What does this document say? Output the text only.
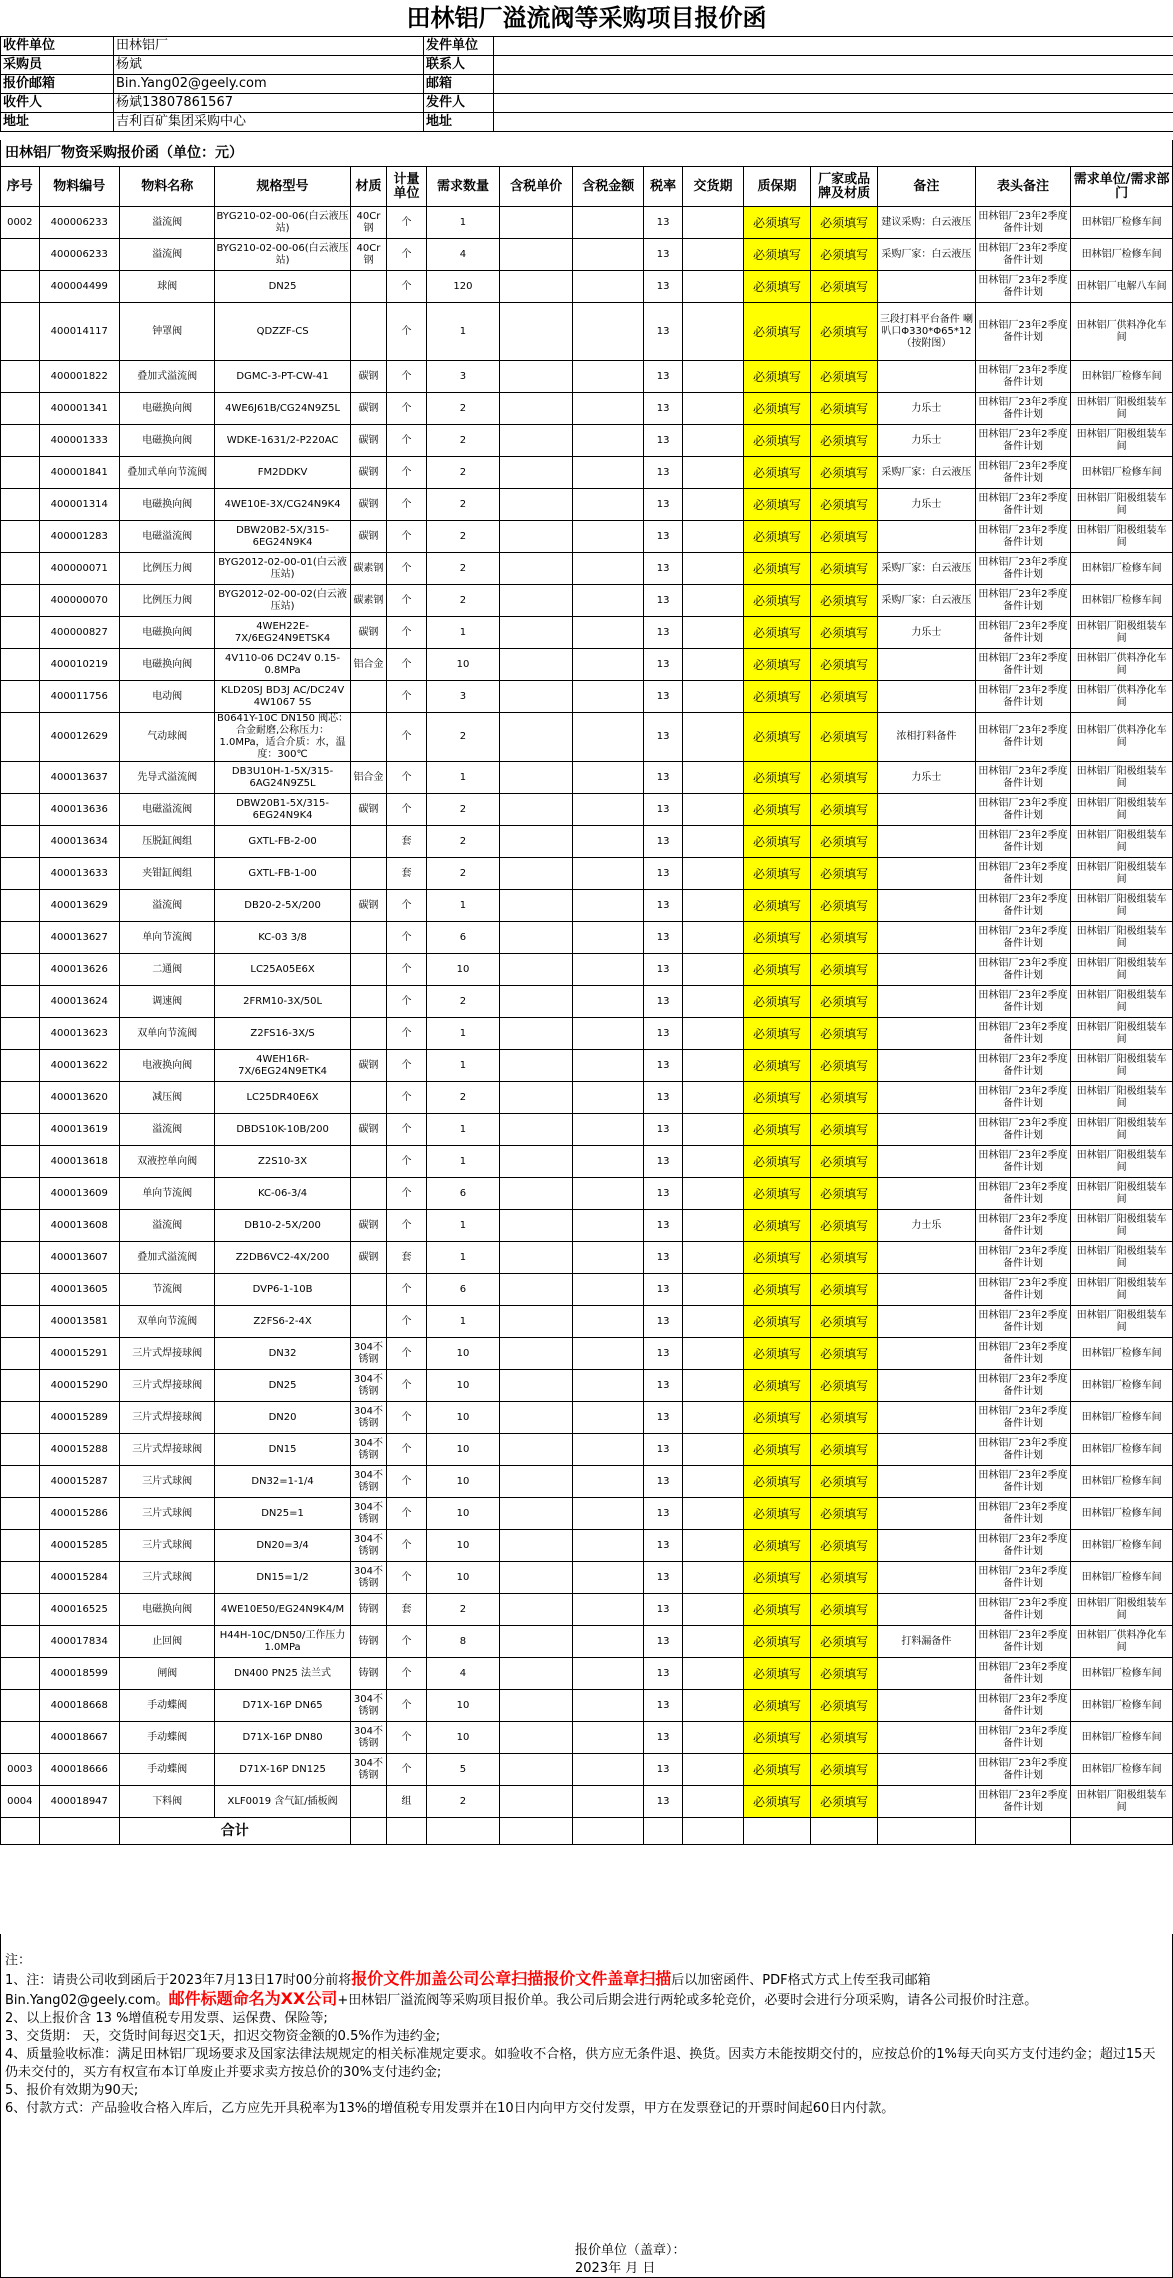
田林铝厂溢流阀等采购项目报价函
收件单位	田林铝厂	发件单位	
采购员	杨斌	联系人	
报价邮箱	Bin.Yang02@geely.com	邮箱	
收件人	杨斌13807861567	发件人	
地址	吉利百矿集团采购中心	地址	
田林铝厂物资采购报价函（单位：元）
序号	物料编号	物料名称	规格型号	材质	计量单位	需求数量	含税单价	含税金额	税率	交货期	质保期	厂家或品牌及材质	备注	表头备注	需求单位/需求部门
0002	400006233	溢流阀	BYG210-02-00-06(白云液压站)	40Cr钢	个	1			13		必须填写	必须填写	建议采购：白云液压	田林铝厂23年2季度备件计划	田林铝厂检修车间
	400006233	溢流阀	BYG210-02-00-06(白云液压站)	40Cr钢	个	4			13		必须填写	必须填写	采购厂家：白云液压	田林铝厂23年2季度备件计划	田林铝厂检修车间
	400004499	球阀	DN25		个	120			13		必须填写	必须填写		田林铝厂23年2季度备件计划	田林铝厂电解八车间
	400014117	钟罩阀	QDZZF-CS		个	1			13		必须填写	必须填写	三段打料平台备件 喇叭口Φ330*Φ65*12（按附图）	田林铝厂23年2季度备件计划	田林铝厂供料净化车间
	400001822	叠加式溢流阀	DGMC-3-PT-CW-41	碳钢	个	3			13		必须填写	必须填写		田林铝厂23年2季度备件计划	田林铝厂检修车间
	400001341	电磁换向阀	4WE6J61B/CG24N9Z5L	碳钢	个	2			13		必须填写	必须填写	力乐士	田林铝厂23年2季度备件计划	田林铝厂阳极组装车间
	400001333	电磁换向阀	WDKE-1631/2-P220AC	碳钢	个	2			13		必须填写	必须填写	力乐士	田林铝厂23年2季度备件计划	田林铝厂阳极组装车间
	400001841	叠加式单向节流阀	FM2DDKV	碳钢	个	2			13		必须填写	必须填写	采购厂家：白云液压	田林铝厂23年2季度备件计划	田林铝厂检修车间
	400001314	电磁换向阀	4WE10E-3X/CG24N9K4	碳钢	个	2			13		必须填写	必须填写	力乐士	田林铝厂23年2季度备件计划	田林铝厂阳极组装车间
	400001283	电磁溢流阀	DBW20B2-5X/315-6EG24N9K4	碳钢	个	2			13		必须填写	必须填写		田林铝厂23年2季度备件计划	田林铝厂阳极组装车间
	400000071	比例压力阀	BYG2012-02-00-01(白云液压站)	碳素钢	个	2			13		必须填写	必须填写	采购厂家：白云液压	田林铝厂23年2季度备件计划	田林铝厂检修车间
	400000070	比例压力阀	BYG2012-02-00-02(白云液压站)	碳素钢	个	2			13		必须填写	必须填写	采购厂家：白云液压	田林铝厂23年2季度备件计划	田林铝厂检修车间
	400000827	电磁换向阀	4WEH22E-7X/6EG24N9ETSK4	碳钢	个	1			13		必须填写	必须填写	力乐士	田林铝厂23年2季度备件计划	田林铝厂阳极组装车间
	400010219	电磁换向阀	4V110-06 DC24V 0.15-0.8MPa	铝合金	个	10			13		必须填写	必须填写		田林铝厂23年2季度备件计划	田林铝厂供料净化车间
	400011756	电动阀	KLD20SJ BD3J AC/DC24V 4W1067 5S		个	3			13		必须填写	必须填写		田林铝厂23年2季度备件计划	田林铝厂供料净化车间
	400012629	气动球阀	B0641Y-10C DN150 阀芯：合金耐磨,公称压力：1.0MPa，适合介质：水，温度：300℃		个	2			13		必须填写	必须填写	浓相打料备件	田林铝厂23年2季度备件计划	田林铝厂供料净化车间
	400013637	先导式溢流阀	DB3U10H-1-5X/315-6AG24N9Z5L	铝合金	个	1			13		必须填写	必须填写	力乐士	田林铝厂23年2季度备件计划	田林铝厂阳极组装车间
	400013636	电磁溢流阀	DBW20B1-5X/315-6EG24N9K4	碳钢	个	2			13		必须填写	必须填写		田林铝厂23年2季度备件计划	田林铝厂阳极组装车间
	400013634	压脱缸阀组	GXTL-FB-2-00		套	2			13		必须填写	必须填写		田林铝厂23年2季度备件计划	田林铝厂阳极组装车间
	400013633	夹钳缸阀组	GXTL-FB-1-00		套	2			13		必须填写	必须填写		田林铝厂23年2季度备件计划	田林铝厂阳极组装车间
	400013629	溢流阀	DB20-2-5X/200	碳钢	个	1			13		必须填写	必须填写		田林铝厂23年2季度备件计划	田林铝厂阳极组装车间
	400013627	单向节流阀	KC-03 3/8		个	6			13		必须填写	必须填写		田林铝厂23年2季度备件计划	田林铝厂阳极组装车间
	400013626	二通阀	LC25A05E6X		个	10			13		必须填写	必须填写		田林铝厂23年2季度备件计划	田林铝厂阳极组装车间
	400013624	调速阀	2FRM10-3X/50L		个	2			13		必须填写	必须填写		田林铝厂23年2季度备件计划	田林铝厂阳极组装车间
	400013623	双单向节流阀	Z2FS16-3X/S		个	1			13		必须填写	必须填写		田林铝厂23年2季度备件计划	田林铝厂阳极组装车间
	400013622	电液换向阀	4WEH16R-7X/6EG24N9ETK4	碳钢	个	1			13		必须填写	必须填写		田林铝厂23年2季度备件计划	田林铝厂阳极组装车间
	400013620	减压阀	LC25DR40E6X		个	2			13		必须填写	必须填写		田林铝厂23年2季度备件计划	田林铝厂阳极组装车间
	400013619	溢流阀	DBDS10K-10B/200	碳钢	个	1			13		必须填写	必须填写		田林铝厂23年2季度备件计划	田林铝厂阳极组装车间
	400013618	双液控单向阀	Z2S10-3X		个	1			13		必须填写	必须填写		田林铝厂23年2季度备件计划	田林铝厂阳极组装车间
	400013609	单向节流阀	KC-06-3/4		个	6			13		必须填写	必须填写		田林铝厂23年2季度备件计划	田林铝厂阳极组装车间
	400013608	溢流阀	DB10-2-5X/200	碳钢	个	1			13		必须填写	必须填写	力士乐	田林铝厂23年2季度备件计划	田林铝厂阳极组装车间
	400013607	叠加式溢流阀	Z2DB6VC2-4X/200	碳钢	套	1			13		必须填写	必须填写		田林铝厂23年2季度备件计划	田林铝厂阳极组装车间
	400013605	节流阀	DVP6-1-10B		个	6			13		必须填写	必须填写		田林铝厂23年2季度备件计划	田林铝厂阳极组装车间
	400013581	双单向节流阀	Z2FS6-2-4X		个	1			13		必须填写	必须填写		田林铝厂23年2季度备件计划	田林铝厂阳极组装车间
	400015291	三片式焊接球阀	DN32	304不锈钢	个	10			13		必须填写	必须填写		田林铝厂23年2季度备件计划	田林铝厂检修车间
	400015290	三片式焊接球阀	DN25	304不锈钢	个	10			13		必须填写	必须填写		田林铝厂23年2季度备件计划	田林铝厂检修车间
	400015289	三片式焊接球阀	DN20	304不锈钢	个	10			13		必须填写	必须填写		田林铝厂23年2季度备件计划	田林铝厂检修车间
	400015288	三片式焊接球阀	DN15	304不锈钢	个	10			13		必须填写	必须填写		田林铝厂23年2季度备件计划	田林铝厂检修车间
	400015287	三片式球阀	DN32=1-1/4	304不锈钢	个	10			13		必须填写	必须填写		田林铝厂23年2季度备件计划	田林铝厂检修车间
	400015286	三片式球阀	DN25=1	304不锈钢	个	10			13		必须填写	必须填写		田林铝厂23年2季度备件计划	田林铝厂检修车间
	400015285	三片式球阀	DN20=3/4	304不锈钢	个	10			13		必须填写	必须填写		田林铝厂23年2季度备件计划	田林铝厂检修车间
	400015284	三片式球阀	DN15=1/2	304不锈钢	个	10			13		必须填写	必须填写		田林铝厂23年2季度备件计划	田林铝厂检修车间
	400016525	电磁换向阀	4WE10E50/EG24N9K4/M	铸钢	套	2			13		必须填写	必须填写		田林铝厂23年2季度备件计划	田林铝厂阳极组装车间
	400017834	止回阀	H44H-10C/DN50/工作压力1.0MPa	铸钢	个	8			13		必须填写	必须填写	打料漏备件	田林铝厂23年2季度备件计划	田林铝厂供料净化车间
	400018599	闸阀	DN400 PN25 法兰式	铸钢	个	4			13		必须填写	必须填写		田林铝厂23年2季度备件计划	田林铝厂检修车间
	400018668	手动蝶阀	D71X-16P DN65	304不锈钢	个	10			13		必须填写	必须填写		田林铝厂23年2季度备件计划	田林铝厂检修车间
	400018667	手动蝶阀	D71X-16P DN80	304不锈钢	个	10			13		必须填写	必须填写		田林铝厂23年2季度备件计划	田林铝厂检修车间
0003	400018666	手动蝶阀	D71X-16P DN125	304不锈钢	个	5			13		必须填写	必须填写		田林铝厂23年2季度备件计划	田林铝厂检修车间
0004	400018947	下料阀	XLF0019 含气缸/插板阀		组	2			13		必须填写	必须填写		田林铝厂23年2季度备件计划	田林铝厂阳极组装车间
		合计													
注：
1、注：请贵公司收到函后于2023年7月13日17时00分前将报价文件加盖公司公章扫描报价文件盖章扫描后以加密函件、PDF格式方式上传至我司邮箱
Bin.Yang02@geely.com。邮件标题命名为XX公司+田林铝厂溢流阀等采购项目报价单。我公司后期会进行两轮或多轮竞价，必要时会进行分项采购，请各公司报价时注意。
2、以上报价含 13 %增值税专用发票、运保费、保险等;
3、交货期： 天，交货时间每迟交1天，扣迟交物资金额的0.5%作为违约金;
4、质量验收标准：满足田林铝厂现场要求及国家法律法规规定的相关标准规定要求。如验收不合格，供方应无条件退、换货。因卖方未能按期交付的，应按总价的1%每天向买方支付违约金；超过15天仍未交付的，买方有权宣布本订单废止并要求卖方按总价的30%支付违约金;
5、报价有效期为90天;
6、付款方式：产品验收合格入库后，乙方应先开具税率为13%的增值税专用发票并在10日内向甲方交付发票，甲方在发票登记的开票时间起60日内付款。
报价单位（盖章）：
2023年 月 日
